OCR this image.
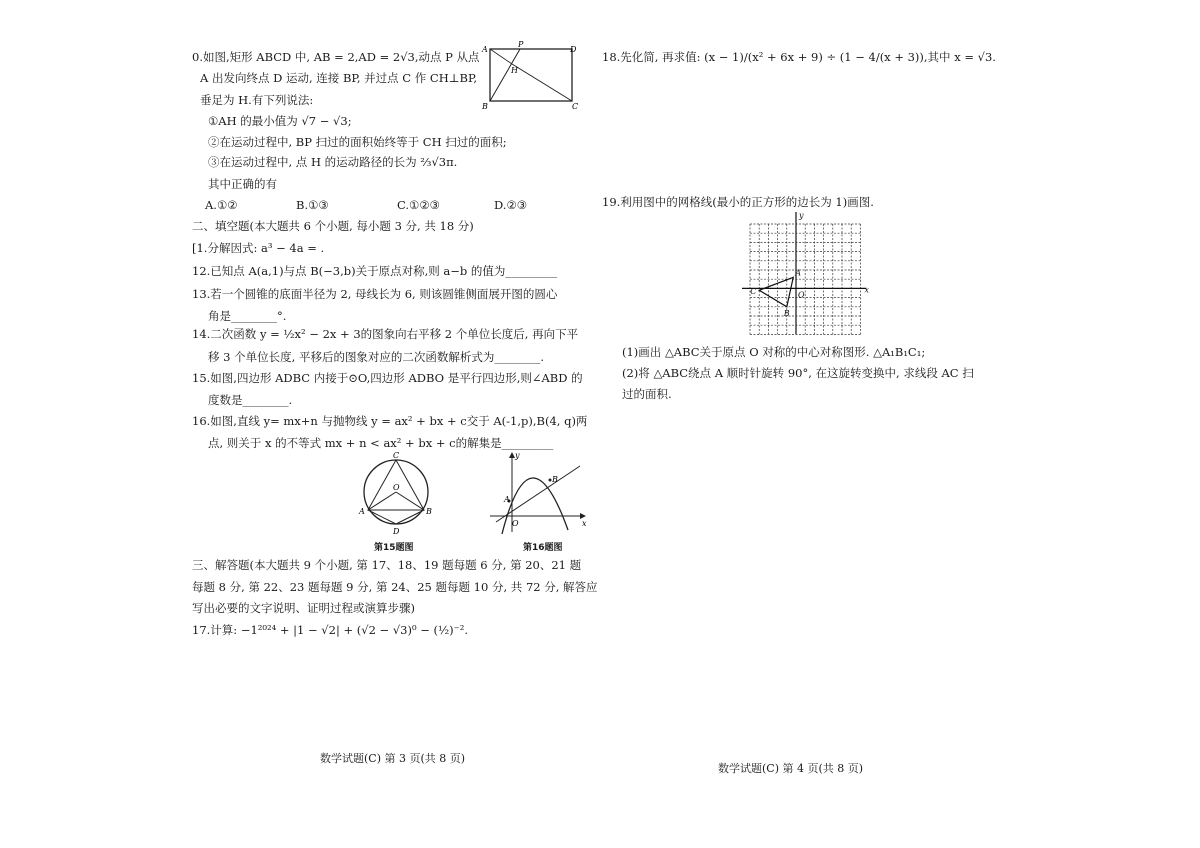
0.如图,矩形 ABCD 中, AB = 2,AD = 2√3,动点 P 从点
A 出发向终点 D 运动, 连接 BP, 并过点 C 作 CH⊥BP,
垂足为 H.有下列说法:
①AH 的最小值为 √7 − √3;
②在运动过程中, BP 扫过的面积始终等于 CH 扫过的面积;
③在运动过程中, 点 H 的运动路径的长为 ⅔√3π.
其中正确的有
A.①②	B.①③	C.①②③	D.②③
A
P
D
H
B	C
二、填空题(本大题共 6 个小题, 每小题 3 分, 共 18 分)
[1.分解因式: a³ − 4a = .
12.已知点 A(a,1)与点 B(−3,b)关于原点对称,则 a−b 的值为_________
13.若一个圆锥的底面半径为 2, 母线长为 6, 则该圆锥侧面展开图的圆心
角是________°.
14.二次函数 y = ½x² − 2x + 3的图象向右平移 2 个单位长度后, 再向下平
移 3 个单位长度, 平移后的图象对应的二次函数解析式为________.
15.如图,四边形 ADBC 内接于⊙O,四边形 ADBO 是平行四边形,则∠ABD 的
度数是________.
16.如图,直线 y= mx+n 与抛物线 y = ax² + bx + c交于 A(-1,p),B(4, q)两
点, 则关于 x 的不等式 mx + n < ax² + bx + c的解集是_________
C
O
A	B
D
第15题图
y
x
A
B
O
第16题图
三、解答题(本大题共 9 个小题, 第 17、18、19 题每题 6 分, 第 20、21 题
每题 8 分, 第 22、23 题每题 9 分, 第 24、25 题每题 10 分, 共 72 分, 解答应
写出必要的文字说明、证明过程或演算步骤)
17.计算: −1²⁰²⁴ + |1 − √2| + (√2 − √3)⁰ − (½)⁻².
数学试题(C) 第 3 页(共 8 页)
18.先化简, 再求值: (x − 1)/(x² + 6x + 9) ÷ (1 − 4/(x + 3)),其中 x = √3.
19.利用图中的网格线(最小的正方形的边长为 1)画图.
y
x
O
A
B
C
(1)画出 △ABC关于原点 O 对称的中心对称图形. △A₁B₁C₁;
(2)将 △ABC绕点 A 顺时针旋转 90°, 在这旋转变换中, 求线段 AC 扫
过的面积.
数学试题(C) 第 4 页(共 8 页)
